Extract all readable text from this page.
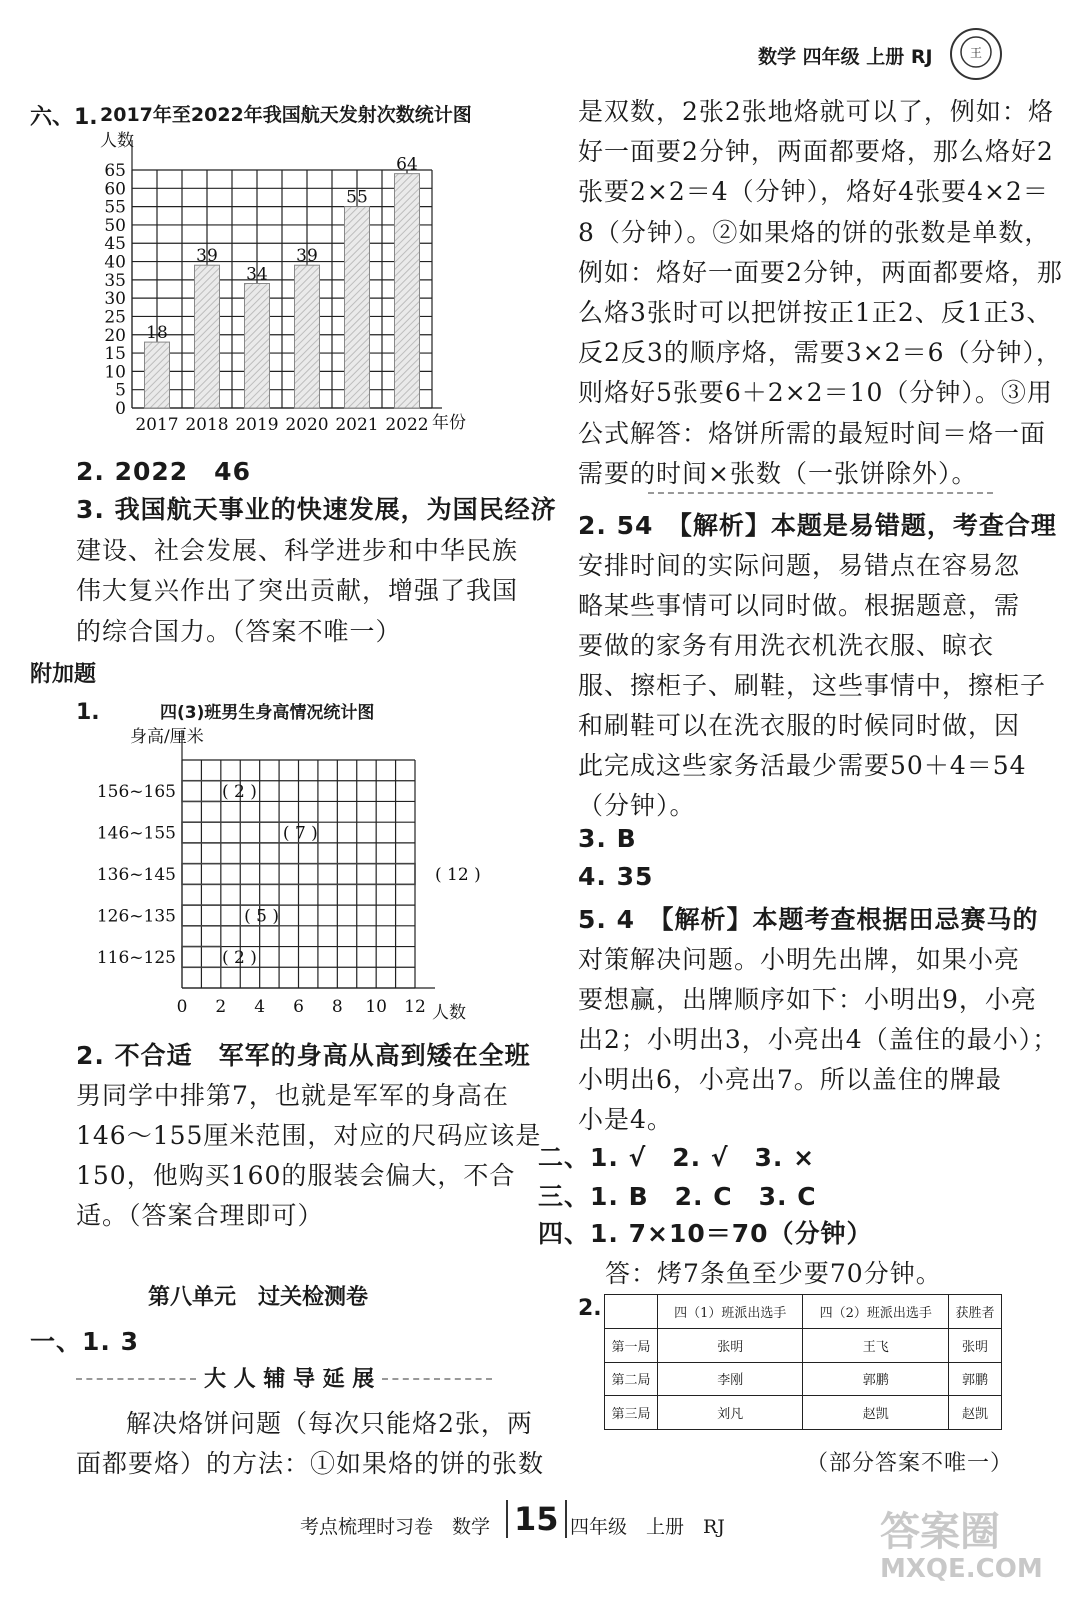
数学 四年级 上册 RJ	王
六、1. 2017年至2022年我国航天发射次数统计图
人数
0
5
10
15
20
25
30
35
40
45
50
55
60
65
2017 2018 2019 2020 2021 2022
18
39
34
39
55
64
年份
2. 2022　46
3. 我国航天事业的快速发展，为国民经济
建设、社会发展、科学进步和中华民族
伟大复兴作出了突出贡献，增强了我国
的综合国力。（答案不唯一）
附加题
1.	四(3)班男生身高情况统计图
身高/厘米
156~165
146~155
136~145
126~135
116~125
0 2 4 6 8 10 12
( 2 )
( 7 )
( 12 )
( 5 )
( 2 )
人数
2. 不合适　军军的身高从高到矮在全班
男同学中排第7，也就是军军的身高在
146～155厘米范围，对应的尺码应该是
150，他购买160的服装会偏大，不合
适。（答案合理即可）
第八单元　过关检测卷
一、1. 3
大 人 辅 导 延 展
解决烙饼问题（每次只能烙2张，两
面都要烙）的方法：①如果烙的饼的张数
是双数，2张2张地烙就可以了，例如：烙
好一面要2分钟，两面都要烙，那么烙好2
张要2×2＝4（分钟），烙好4张要4×2＝
8（分钟）。②如果烙的饼的张数是单数，
例如：烙好一面要2分钟，两面都要烙，那
么烙3张时可以把饼按正1正2、反1正3、
反2反3的顺序烙，需要3×2＝6（分钟），
则烙好5张要6＋2×2＝10（分钟）。③用
公式解答：烙饼所需的最短时间＝烙一面
需要的时间×张数（一张饼除外）。
2. 54　【解析】本题是易错题，考查合理
安排时间的实际问题，易错点在容易忽
略某些事情可以同时做。根据题意，需
要做的家务有用洗衣机洗衣服、晾衣
服、擦柜子、刷鞋，这些事情中，擦柜子
和刷鞋可以在洗衣服的时候同时做，因
此完成这些家务活最少需要50＋4＝54
（分钟）。
3. B
4. 35
5. 4　【解析】本题考查根据田忌赛马的
对策解决问题。小明先出牌，如果小亮
要想赢，出牌顺序如下：小明出9，小亮
出2；小明出3，小亮出4（盖住的最小）；
小明出6，小亮出7。所以盖住的牌最
小是4。
二、1. √　2. √　3. ×
三、1. B　2. C　3. C
四、1. 7×10＝70（分钟）
答：烤7条鱼至少要70分钟。
2.
		四（1）班派出选手	四（2）班派出选手	获胜者
第一局	张明	王飞	张明
第二局	李刚	郭鹏	郭鹏
第三局	刘凡	赵凯	赵凯
（部分答案不唯一）
考点梳理时习卷　数学 15 四年级　上册　RJ	答案圈
MXQE.COM
